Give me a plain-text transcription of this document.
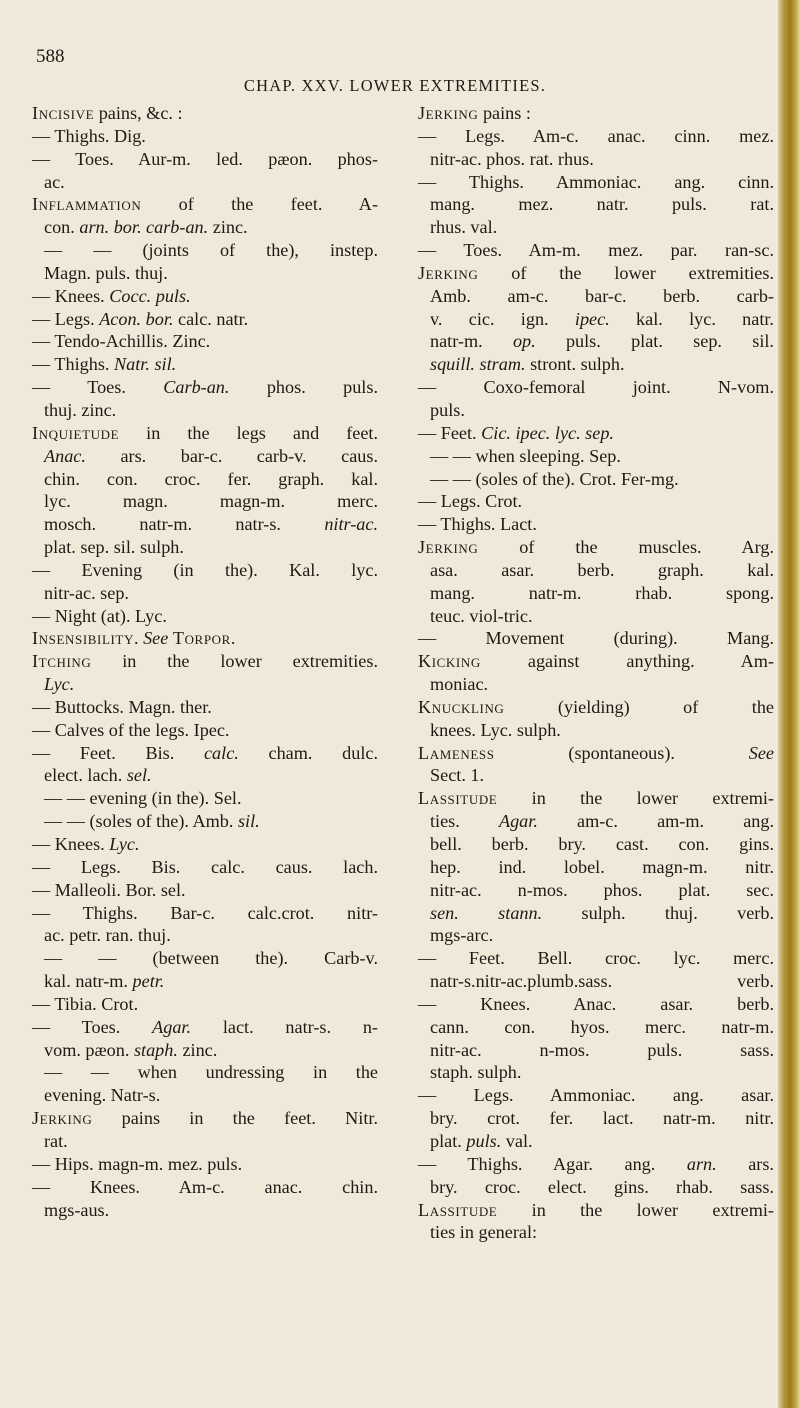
588
CHAP. XXV. LOWER EXTREMITIES.
Incisive pains, &c. :
— Thighs. Dig.
— Toes. Aur-m. led. pæon. phos-
ac.
Inflammation of the feet. A-
con. arn. bor. carb-an. zinc.
— — (joints of the), instep.
Magn. puls. thuj.
— Knees. Cocc. puls.
— Legs. Acon. bor. calc. natr.
— Tendo-Achillis. Zinc.
— Thighs. Natr. sil.
— Toes. Carb-an. phos. puls.
thuj. zinc.
Inquietude in the legs and feet.
Anac. ars. bar-c. carb-v. caus.
chin. con. croc. fer. graph. kal.
lyc. magn. magn-m. merc.
mosch. natr-m. natr-s. nitr-ac.
plat. sep. sil. sulph.
— Evening (in the). Kal. lyc.
nitr-ac. sep.
— Night (at). Lyc.
Insensibility. See Torpor.
Itching in the lower extremities.
Lyc.
— Buttocks. Magn. ther.
— Calves of the legs. Ipec.
— Feet. Bis. calc. cham. dulc.
elect. lach. sel.
— — evening (in the). Sel.
— — (soles of the). Amb. sil.
— Knees. Lyc.
— Legs. Bis. calc. caus. lach.
— Malleoli. Bor. sel.
— Thighs. Bar-c. calc.crot. nitr-
ac. petr. ran. thuj.
— — (between the). Carb-v.
kal. natr-m. petr.
— Tibia. Crot.
— Toes. Agar. lact. natr-s. n-
vom. pæon. staph. zinc.
— — when undressing in the
evening. Natr-s.
Jerking pains in the feet. Nitr.
rat.
— Hips. magn-m. mez. puls.
— Knees. Am-c. anac. chin.
mgs-aus.
Jerking pains :
— Legs. Am-c. anac. cinn. mez.
nitr-ac. phos. rat. rhus.
— Thighs. Ammoniac. ang. cinn.
mang. mez. natr. puls. rat.
rhus. val.
— Toes. Am-m. mez. par. ran-sc.
Jerking of the lower extremities.
Amb. am-c. bar-c. berb. carb-
v. cic. ign. ipec. kal. lyc. natr.
natr-m. op. puls. plat. sep. sil.
squill. stram. stront. sulph.
— Coxo-femoral joint. N-vom.
puls.
— Feet. Cic. ipec. lyc. sep.
— — when sleeping. Sep.
— — (soles of the). Crot. Fer-mg.
— Legs. Crot.
— Thighs. Lact.
Jerking of the muscles. Arg.
asa. asar. berb. graph. kal.
mang. natr-m. rhab. spong.
teuc. viol-tric.
— Movement (during). Mang.
Kicking against anything. Am-
moniac.
Knuckling (yielding) of the
knees. Lyc. sulph.
Lameness (spontaneous). See
Sect. 1.
Lassitude in the lower extremi-
ties. Agar. am-c. am-m. ang.
bell. berb. bry. cast. con. gins.
hep. ind. lobel. magn-m. nitr.
nitr-ac. n-mos. phos. plat. sec.
sen. stann. sulph. thuj. verb.
mgs-arc.
— Feet. Bell. croc. lyc. merc.
natr-s.nitr-ac.plumb.sass. verb.
— Knees. Anac. asar. berb.
cann. con. hyos. merc. natr-m.
nitr-ac. n-mos. puls. sass.
staph. sulph.
— Legs. Ammoniac. ang. asar.
bry. crot. fer. lact. natr-m. nitr.
plat. puls. val.
— Thighs. Agar. ang. arn. ars.
bry. croc. elect. gins. rhab. sass.
Lassitude in the lower extremi-
ties in general:
